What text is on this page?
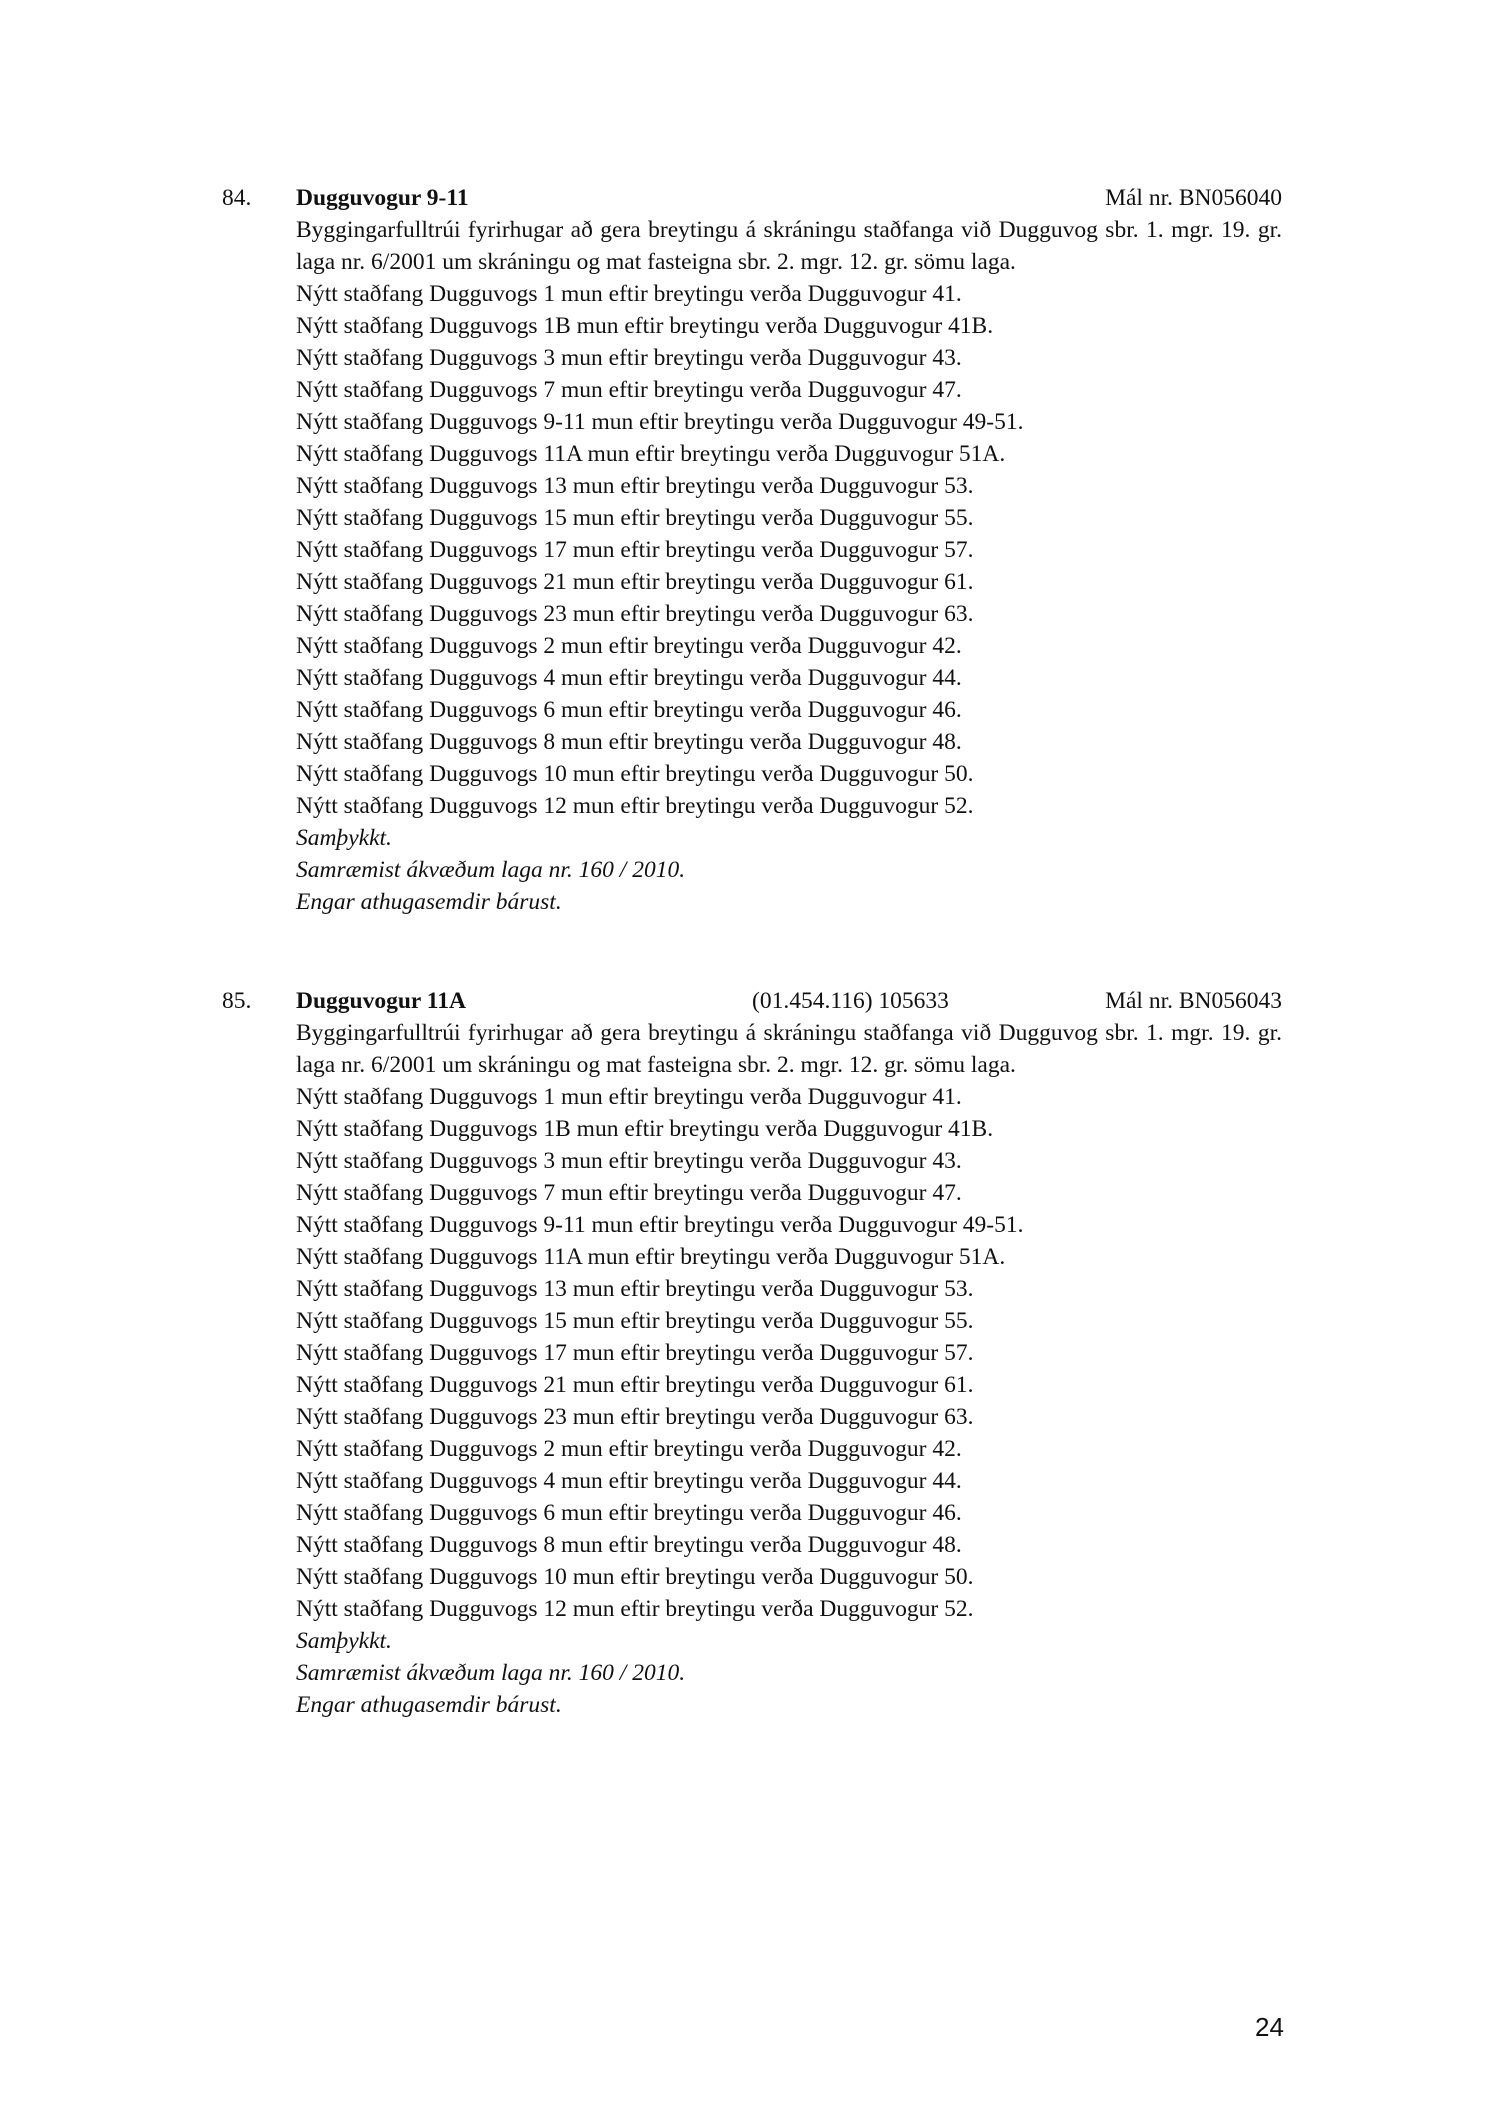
84. Dugguvogur 9-11	Mál nr. BN056040
Byggingarfulltrúi fyrirhugar að gera breytingu á skráningu staðfanga við Dugguvog sbr. 1. mgr. 19. gr. laga nr. 6/2001 um skráningu og mat fasteigna sbr. 2. mgr. 12. gr. sömu laga.
Nýtt staðfang Dugguvogs 1 mun eftir breytingu verða Dugguvogur 41.
Nýtt staðfang Dugguvogs 1B mun eftir breytingu verða Dugguvogur 41B.
Nýtt staðfang Dugguvogs 3 mun eftir breytingu verða Dugguvogur 43.
Nýtt staðfang Dugguvogs 7 mun eftir breytingu verða Dugguvogur 47.
Nýtt staðfang Dugguvogs 9-11 mun eftir breytingu verða Dugguvogur 49-51.
Nýtt staðfang Dugguvogs 11A mun eftir breytingu verða Dugguvogur 51A.
Nýtt staðfang Dugguvogs 13 mun eftir breytingu verða Dugguvogur 53.
Nýtt staðfang Dugguvogs 15 mun eftir breytingu verða Dugguvogur 55.
Nýtt staðfang Dugguvogs 17 mun eftir breytingu verða Dugguvogur 57.
Nýtt staðfang Dugguvogs 21 mun eftir breytingu verða Dugguvogur 61.
Nýtt staðfang Dugguvogs 23 mun eftir breytingu verða Dugguvogur 63.
Nýtt staðfang Dugguvogs 2 mun eftir breytingu verða Dugguvogur 42.
Nýtt staðfang Dugguvogs 4 mun eftir breytingu verða Dugguvogur 44.
Nýtt staðfang Dugguvogs 6 mun eftir breytingu verða Dugguvogur 46.
Nýtt staðfang Dugguvogs 8 mun eftir breytingu verða Dugguvogur 48.
Nýtt staðfang Dugguvogs 10 mun eftir breytingu verða Dugguvogur 50.
Nýtt staðfang Dugguvogs 12 mun eftir breytingu verða Dugguvogur 52.
Samþykkt.
Samræmist ákvæðum laga nr. 160 / 2010.
Engar athugasemdir bárust.
85. Dugguvogur 11A	(01.454.116) 105633	Mál nr. BN056043
Byggingarfulltrúi fyrirhugar að gera breytingu á skráningu staðfanga við Dugguvog sbr. 1. mgr. 19. gr. laga nr. 6/2001 um skráningu og mat fasteigna sbr. 2. mgr. 12. gr. sömu laga.
Nýtt staðfang Dugguvogs 1 mun eftir breytingu verða Dugguvogur 41.
Nýtt staðfang Dugguvogs 1B mun eftir breytingu verða Dugguvogur 41B.
Nýtt staðfang Dugguvogs 3 mun eftir breytingu verða Dugguvogur 43.
Nýtt staðfang Dugguvogs 7 mun eftir breytingu verða Dugguvogur 47.
Nýtt staðfang Dugguvogs 9-11 mun eftir breytingu verða Dugguvogur 49-51.
Nýtt staðfang Dugguvogs 11A mun eftir breytingu verða Dugguvogur 51A.
Nýtt staðfang Dugguvogs 13 mun eftir breytingu verða Dugguvogur 53.
Nýtt staðfang Dugguvogs 15 mun eftir breytingu verða Dugguvogur 55.
Nýtt staðfang Dugguvogs 17 mun eftir breytingu verða Dugguvogur 57.
Nýtt staðfang Dugguvogs 21 mun eftir breytingu verða Dugguvogur 61.
Nýtt staðfang Dugguvogs 23 mun eftir breytingu verða Dugguvogur 63.
Nýtt staðfang Dugguvogs 2 mun eftir breytingu verða Dugguvogur 42.
Nýtt staðfang Dugguvogs 4 mun eftir breytingu verða Dugguvogur 44.
Nýtt staðfang Dugguvogs 6 mun eftir breytingu verða Dugguvogur 46.
Nýtt staðfang Dugguvogs 8 mun eftir breytingu verða Dugguvogur 48.
Nýtt staðfang Dugguvogs 10 mun eftir breytingu verða Dugguvogur 50.
Nýtt staðfang Dugguvogs 12 mun eftir breytingu verða Dugguvogur 52.
Samþykkt.
Samræmist ákvæðum laga nr. 160 / 2010.
Engar athugasemdir bárust.
24
